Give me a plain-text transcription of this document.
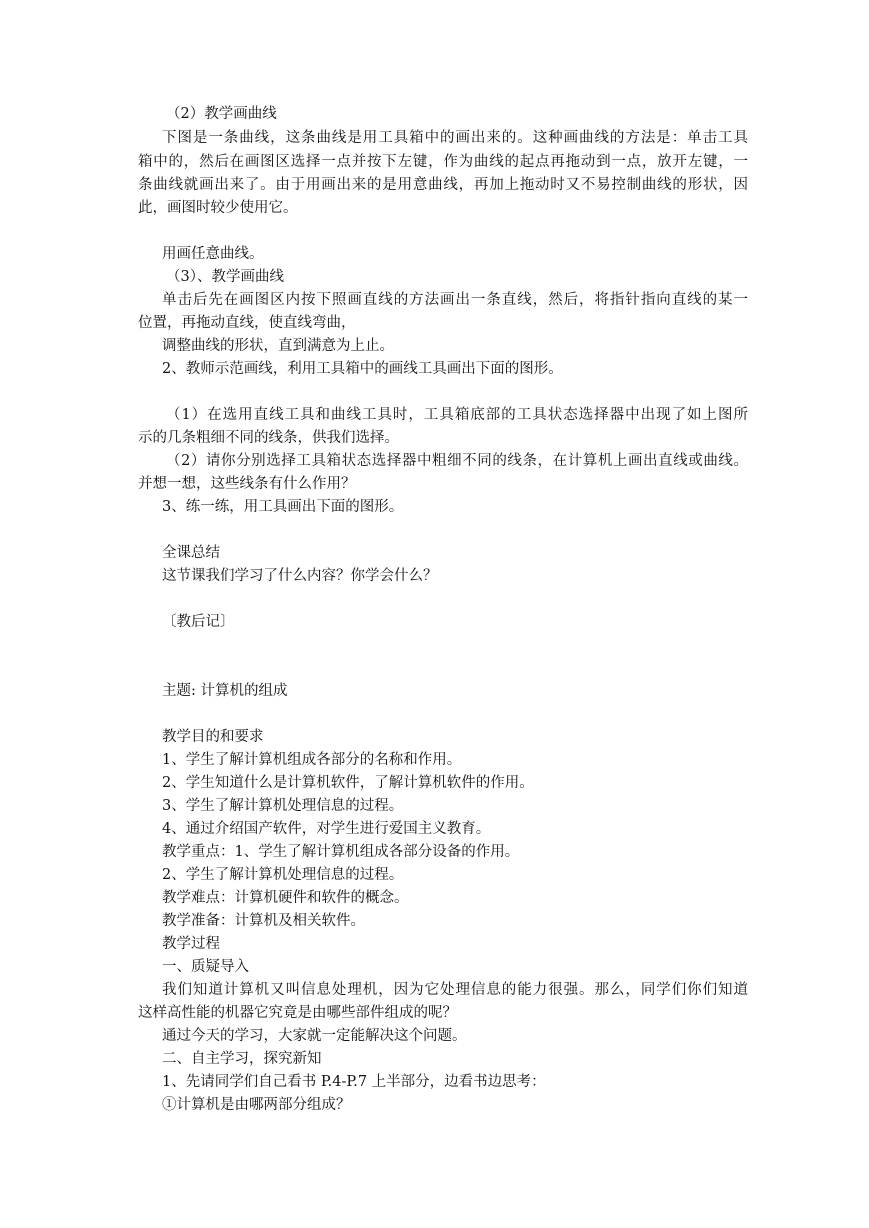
（2）教学画曲线
下图是一条曲线，这条曲线是用工具箱中的画出来的。这种画曲线的方法是：单击工具
箱中的，然后在画图区选择一点并按下左键，作为曲线的起点再拖动到一点，放开左键，一
条曲线就画出来了。由于用画出来的是用意曲线，再加上拖动时又不易控制曲线的形状，因
此，画图时较少使用它。
用画任意曲线。
（3）、教学画曲线
单击后先在画图区内按下照画直线的方法画出一条直线，然后，将指针指向直线的某一
位置，再拖动直线，使直线弯曲，
调整曲线的形状，直到满意为上止。
2、教师示范画线，利用工具箱中的画线工具画出下面的图形。
（1）在选用直线工具和曲线工具时，工具箱底部的工具状态选择器中出现了如上图所
示的几条粗细不同的线条，供我们选择。
（2）请你分别选择工具箱状态选择器中粗细不同的线条，在计算机上画出直线或曲线。
并想一想，这些线条有什么作用？
3、练一练，用工具画出下面的图形。
全课总结
这节课我们学习了什么内容？你学会什么？
〔教后记〕
主题: 计算机的组成
教学目的和要求
1、学生了解计算机组成各部分的名称和作用。
2、学生知道什么是计算机软件，了解计算机软件的作用。
3、学生了解计算机处理信息的过程。
4、通过介绍国产软件，对学生进行爱国主义教育。
教学重点：1、学生了解计算机组成各部分设备的作用。
2、学生了解计算机处理信息的过程。
教学难点：计算机硬件和软件的概念。
教学准备：计算机及相关软件。
教学过程
一、质疑导入
我们知道计算机又叫信息处理机，因为它处理信息的能力很强。那么，同学们你们知道
这样高性能的机器它究竟是由哪些部件组成的呢？
通过今天的学习，大家就一定能解决这个问题。
二、自主学习，探究新知
1、先请同学们自己看书 P.4-P.7 上半部分，边看书边思考：
①计算机是由哪两部分组成？
